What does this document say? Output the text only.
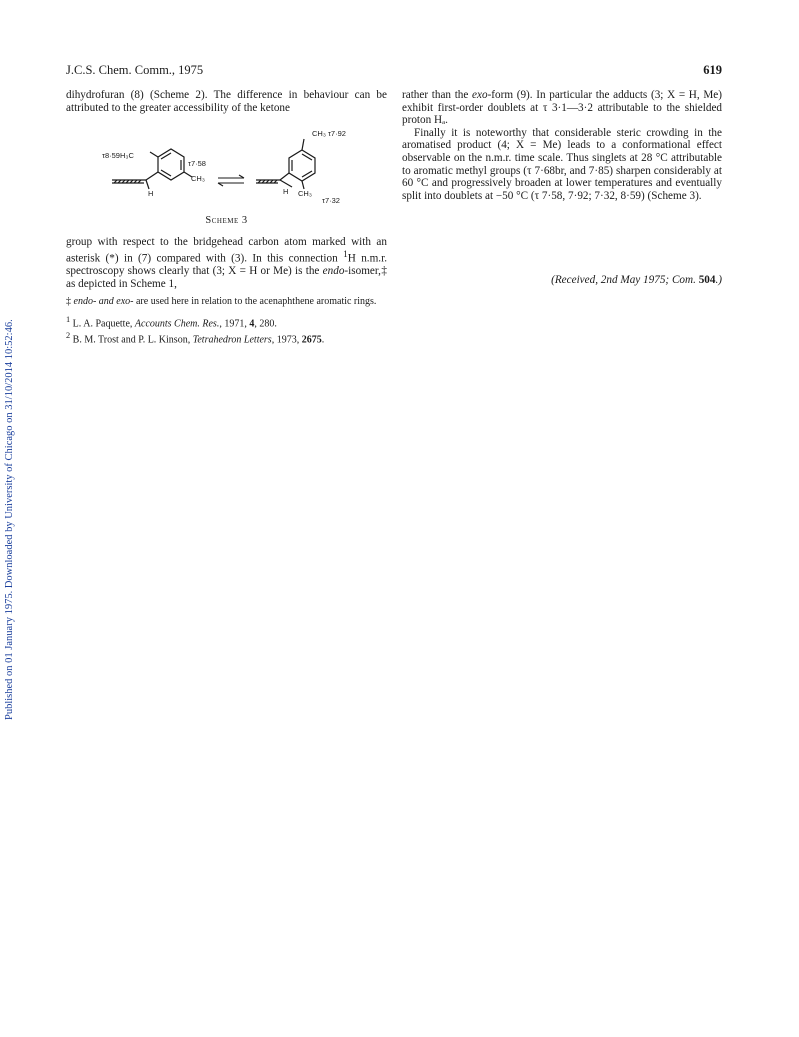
Published on 01 January 1975. Downloaded by University of Chicago on 31/10/2014 10:52:46.
J.C.S. Chem. Comm., 1975	619

dihydrofuran (8) (Scheme 2). The difference in behaviour can be attributed to the greater accessibility of the ketone

τ8·59H₃C
τ7·58
CH₃
H
CH₃ τ7·92
H CH₃
τ7·32
Scheme 3

group with respect to the bridgehead carbon atom marked with an asterisk (*) in (7) compared with (3). In this connection $^1$H n.m.r. spectroscopy shows clearly that (3; X = H or Me) is the endo-isomer,‡ as depicted in Scheme 1,

rather than the exo-form (9). In particular the adducts (3; X = H, Me) exhibit first-order doublets at τ 3·1—3·2 attributable to the shielded proton Hₐ.

Finally it is noteworthy that considerable steric crowding in the aromatised product (4; X = Me) leads to a conformational effect observable on the n.m.r. time scale. Thus singlets at 28 °C attributable to aromatic methyl groups (τ 7·68br, and 7·85) sharpen considerably at 60 °C and progressively broaden at lower temperatures and eventually split into doublets at −50 °C (τ 7·58, 7·92; 7·32, 8·59) (Scheme 3).

(Received, 2nd May 1975; Com. 504.)

‡ endo- and exo- are used here in relation to the acenaphthene aromatic rings.

$^1$ L. A. Paquette, Accounts Chem. Res., 1971, 4, 280.

$^2$ B. M. Trost and P. L. Kinson, Tetrahedron Letters, 1973, 2675.
